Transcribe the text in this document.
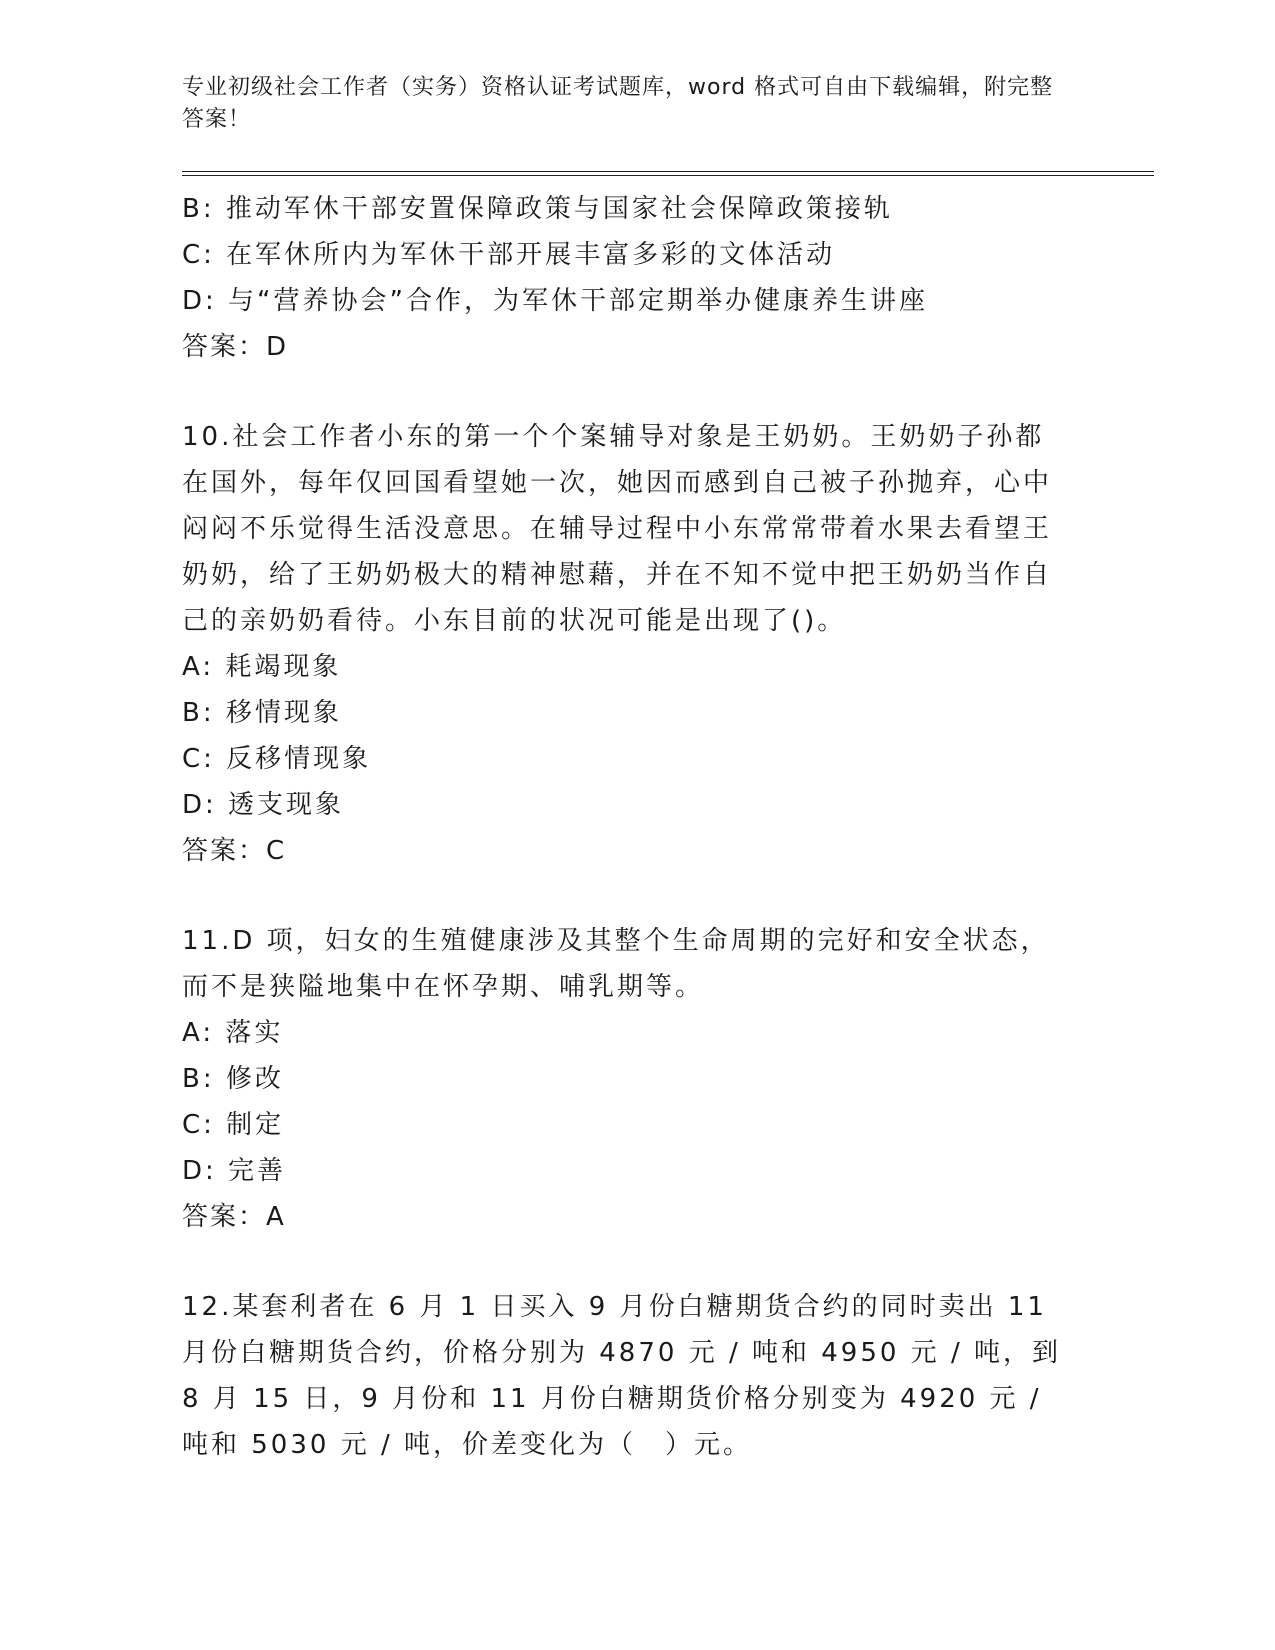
专业初级社会工作者（实务）资格认证考试题库，word 格式可自由下载编辑，附完整答案！
B: 推动军休干部安置保障政策与国家社会保障政策接轨
C: 在军休所内为军休干部开展丰富多彩的文体活动
D: 与“营养协会”合作，为军休干部定期举办健康养生讲座
答案：D
10.社会工作者小东的第一个个案辅导对象是王奶奶。王奶奶子孙都在国外，每年仅回国看望她一次，她因而感到自己被子孙抛弃，心中闷闷不乐觉得生活没意思。在辅导过程中小东常常带着水果去看望王奶奶，给了王奶奶极大的精神慰藉，并在不知不觉中把王奶奶当作自己的亲奶奶看待。小东目前的状况可能是出现了()。
A: 耗竭现象
B: 移情现象
C: 反移情现象
D: 透支现象
答案：C
11.D 项，妇女的生殖健康涉及其整个生命周期的完好和安全状态，而不是狭隘地集中在怀孕期、哺乳期等。
A: 落实
B: 修改
C: 制定
D: 完善
答案：A
12.某套利者在 6 月 1 日买入 9 月份白糖期货合约的同时卖出 11 月份白糖期货合约，价格分别为 4870 元 / 吨和 4950 元 / 吨，到 8 月 15 日，9 月份和 11 月份白糖期货价格分别变为 4920 元 / 吨和 5030 元 / 吨，价差变化为（　）元。
